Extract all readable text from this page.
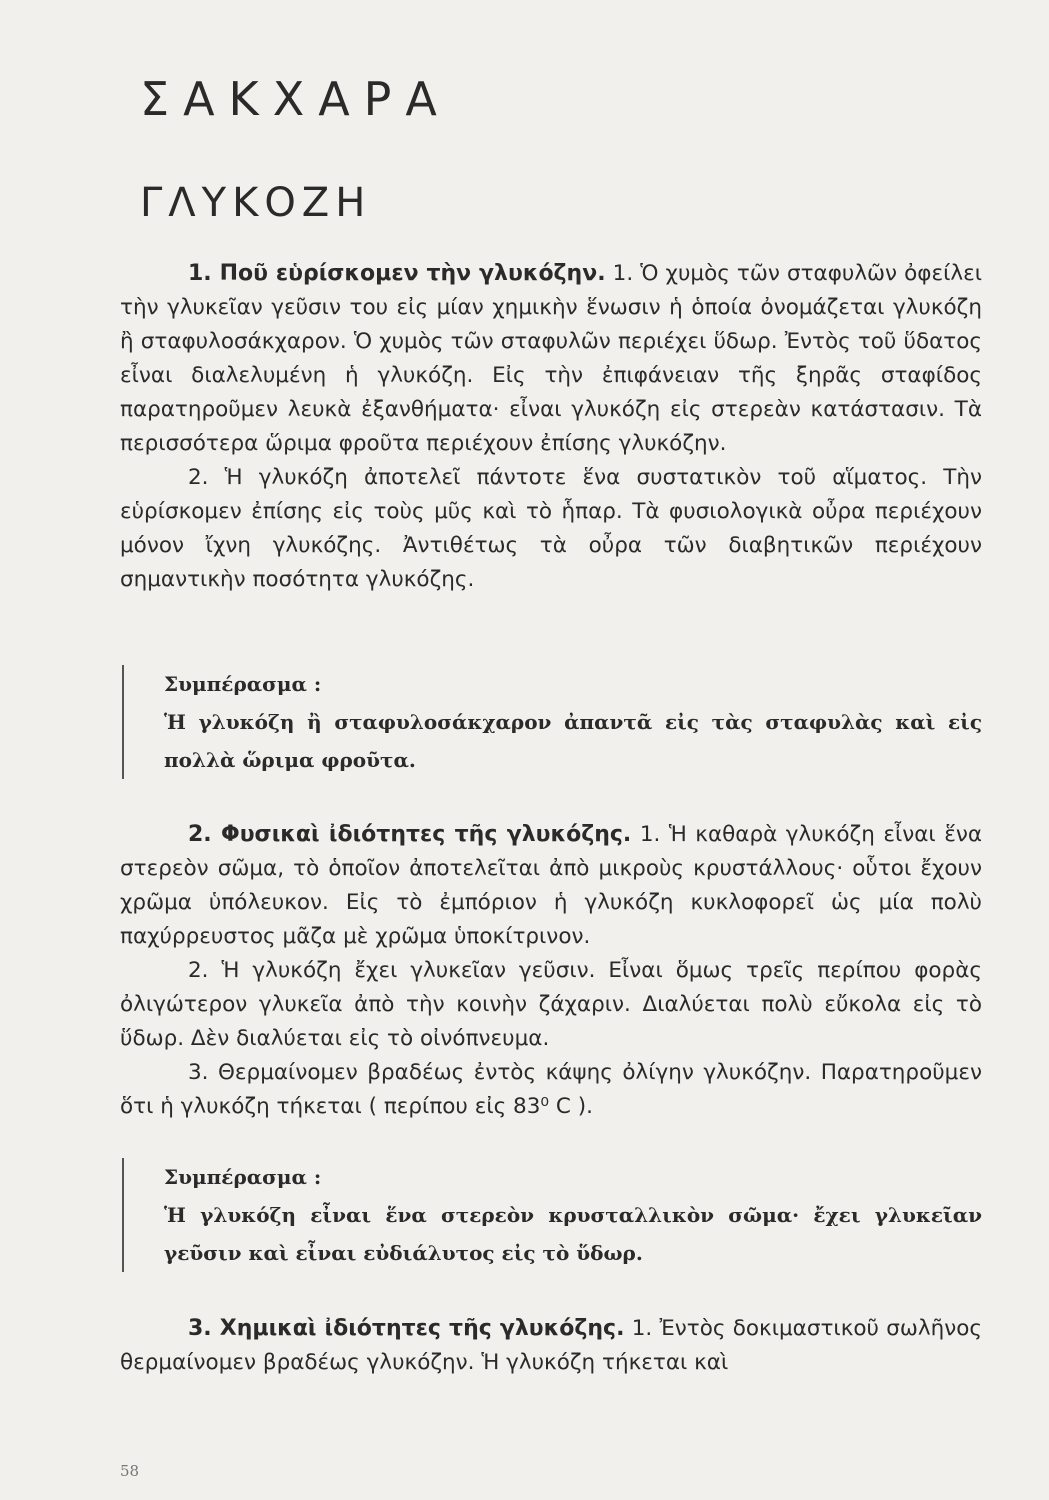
ΣΑΚΧΑΡΑ
ΓΛΥΚΟΖΗ

1. Ποῦ εὑρίσκομεν τὴν γλυκόζην. 1. Ὁ χυμὸς τῶν σταφυλῶν ὀφείλει τὴν γλυκεῖαν γεῦσιν του εἰς μίαν χημικὴν ἕνωσιν ἡ ὁποία ὀνομάζεται γλυκόζη ἢ σταφυλοσάκχαρον. Ὁ χυμὸς τῶν σταφυλῶν περιέχει ὕδωρ. Ἐντὸς τοῦ ὕδατος εἶναι διαλελυμένη ἡ γλυκόζη. Εἰς τὴν ἐπιφάνειαν τῆς ξηρᾶς σταφίδος παρατηροῦμεν λευκὰ ἐξανθήματα· εἶναι γλυκόζη εἰς στερεὰν κατάστασιν. Τὰ περισσότερα ὥριμα φροῦτα περιέχουν ἐπίσης γλυκόζην.

2. Ἡ γλυκόζη ἀποτελεῖ πάντοτε ἕνα συστατικὸν τοῦ αἵματος. Τὴν εὑρίσκομεν ἐπίσης εἰς τοὺς μῦς καὶ τὸ ἧπαρ. Τὰ φυσιολογικὰ οὖρα περιέχουν μόνον ἴχνη γλυκόζης. Ἀντιθέτως τὰ οὖρα τῶν διαβητικῶν περιέχουν σημαντικὴν ποσότητα γλυκόζης.

Συμπέρασμα :

Ἡ γλυκόζη ἢ σταφυλοσάκχαρον ἀπαντᾶ εἰς τὰς σταφυλὰς καὶ εἰς πολλὰ ὥριμα φροῦτα.

2. Φυσικαὶ ἰδιότητες τῆς γλυκόζης. 1. Ἡ καθαρὰ γλυκόζη εἶναι ἕνα στερεὸν σῶμα, τὸ ὁποῖον ἀποτελεῖται ἀπὸ μικροὺς κρυστάλλους· οὗτοι ἔχουν χρῶμα ὑπόλευκον. Εἰς τὸ ἐμπόριον ἡ γλυκόζη κυκλοφορεῖ ὡς μία πολὺ παχύρρευστος μᾶζα μὲ χρῶμα ὑποκίτρινον.

2. Ἡ γλυκόζη ἔχει γλυκεῖαν γεῦσιν. Εἶναι ὅμως τρεῖς περίπου φορὰς ὀλιγώτερον γλυκεῖα ἀπὸ τὴν κοινὴν ζάχαριν. Διαλύεται πολὺ εὔκολα εἰς τὸ ὕδωρ. Δὲν διαλύεται εἰς τὸ οἰνόπνευμα.

3. Θερμαίνομεν βραδέως ἐντὸς κάψης ὀλίγην γλυκόζην. Παρατηροῦμεν ὅτι ἡ γλυκόζη τήκεται ( περίπου εἰς 83⁰ C ).

Συμπέρασμα :

Ἡ γλυκόζη εἶναι ἕνα στερεὸν κρυσταλλικὸν σῶμα· ἔχει γλυκεῖαν γεῦσιν καὶ εἶναι εὐδιάλυτος εἰς τὸ ὕδωρ.

3. Χημικαὶ ἰδιότητες τῆς γλυκόζης. 1. Ἐντὸς δοκιμαστικοῦ σωλῆνος θερμαίνομεν βραδέως γλυκόζην. Ἡ γλυκόζη τήκεται καὶ

58
